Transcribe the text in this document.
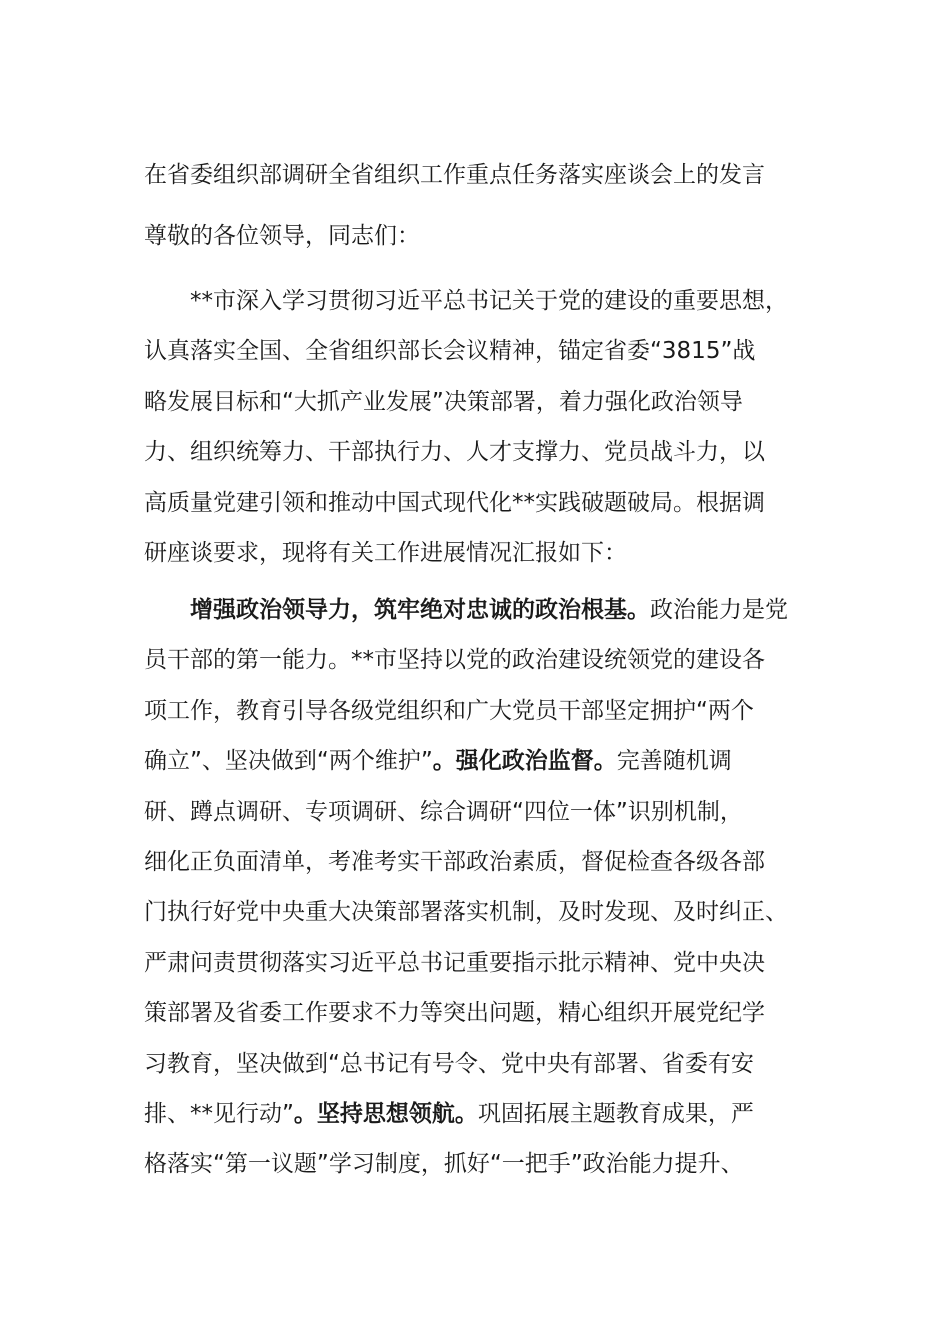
在省委组织部调研全省组织工作重点任务落实座谈会上的发言
尊敬的各位领导，同志们：
**市深入学习贯彻习近平总书记关于党的建设的重要思想，
认真落实全国、全省组织部长会议精神，锚定省委“3815”战
略发展目标和“大抓产业发展”决策部署，着力强化政治领导
力、组织统筹力、干部执行力、人才支撑力、党员战斗力，以
高质量党建引领和推动中国式现代化**实践破题破局。根据调
研座谈要求，现将有关工作进展情况汇报如下：
增强政治领导力，筑牢绝对忠诚的政治根基。政治能力是党
员干部的第一能力。**市坚持以党的政治建设统领党的建设各
项工作，教育引导各级党组织和广大党员干部坚定拥护“两个
确立”、坚决做到“两个维护”。强化政治监督。完善随机调
研、蹲点调研、专项调研、综合调研“四位一体”识别机制，
细化正负面清单，考准考实干部政治素质，督促检查各级各部
门执行好党中央重大决策部署落实机制，及时发现、及时纠正、
严肃问责贯彻落实习近平总书记重要指示批示精神、党中央决
策部署及省委工作要求不力等突出问题，精心组织开展党纪学
习教育，坚决做到“总书记有号令、党中央有部署、省委有安
排、**见行动”。坚持思想领航。巩固拓展主题教育成果，严
格落实“第一议题”学习制度，抓好“一把手”政治能力提升、
